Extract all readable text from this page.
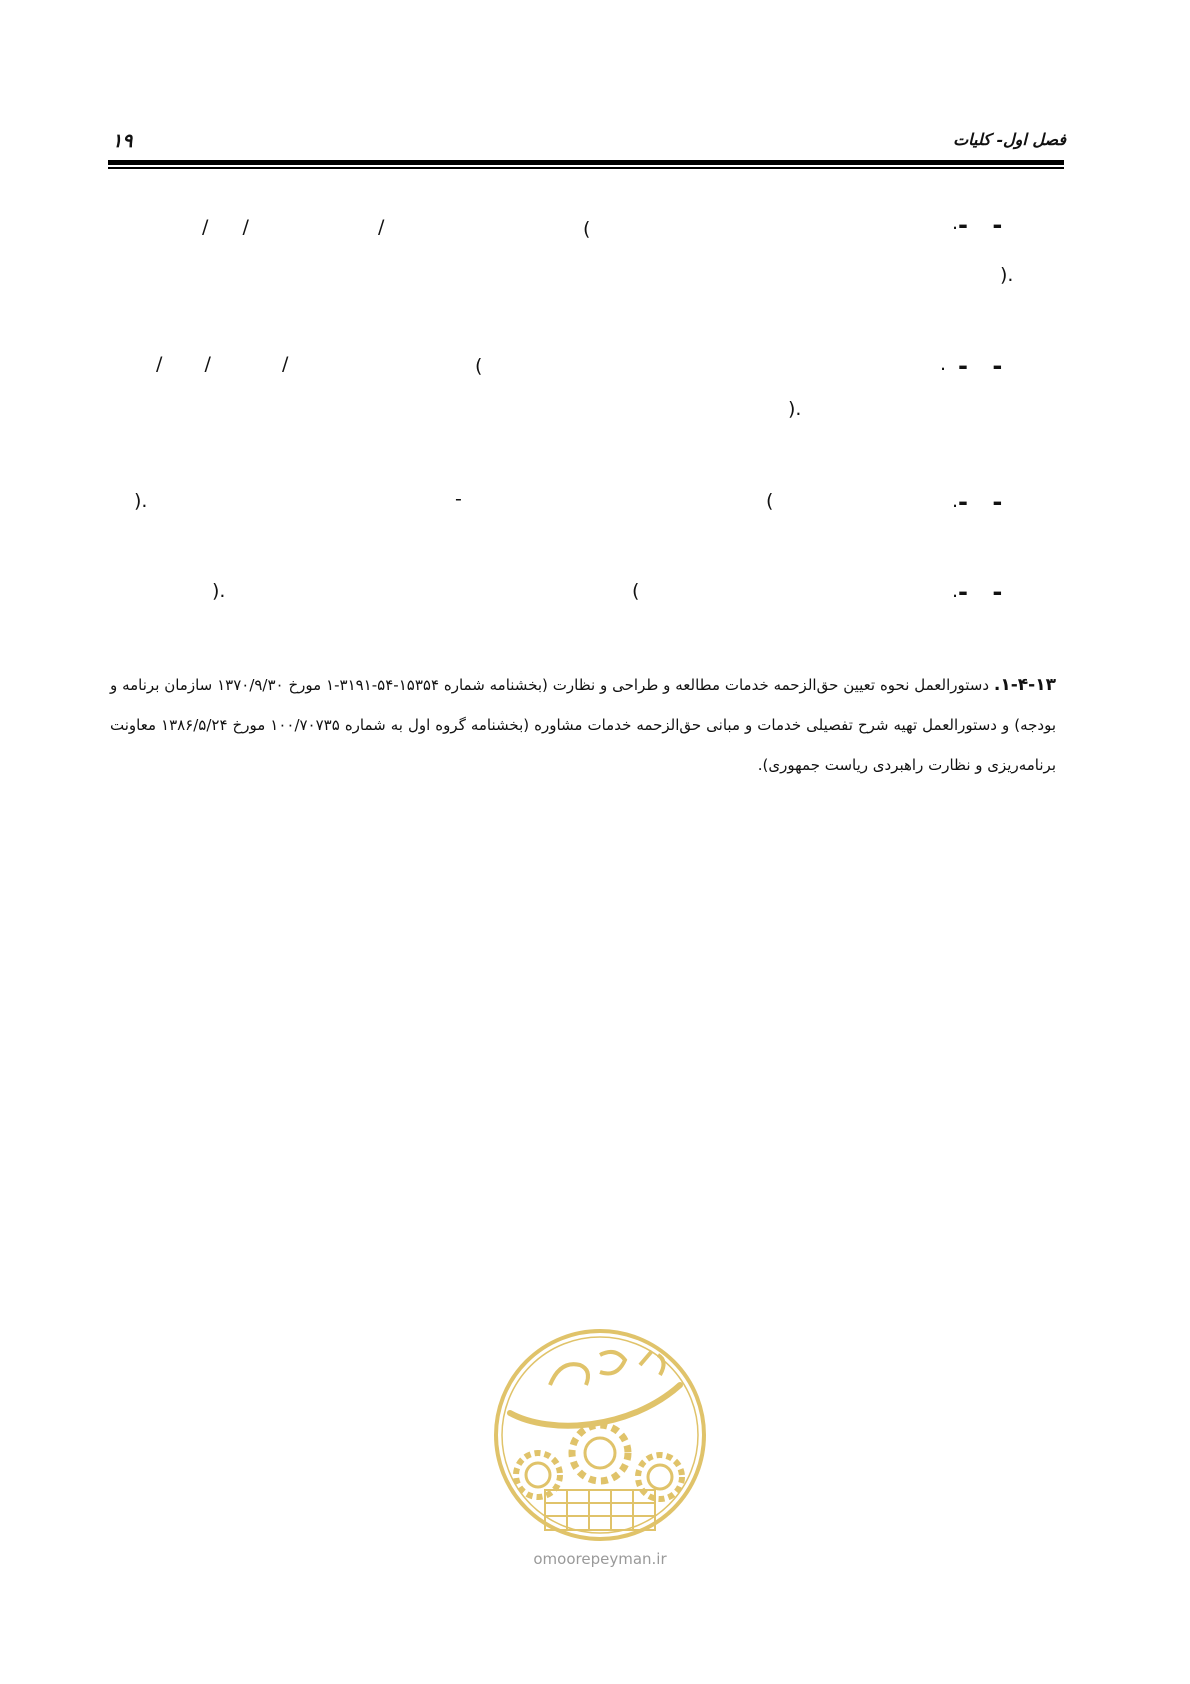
۱۹	فصل اول- کلیات
- -
.
(
/
/ /
).
- -
.
(
/
/ /
).
- -
.
(
-
).
- -
.
(
).
۱-۴-۱۳. دستورالعمل نحوه تعیین حق‌الزحمه خدمات مطالعه و طراحی و نظارت (بخشنامه شماره ۱۵۳۵۴-۵۴-۳۱۹۱-۱ مورخ ۱۳۷۰/۹/۳۰ سازمان برنامه و بودجه) و دستورالعمل تهیه شرح تفصیلی خدمات و مبانی حق‌الزحمه خدمات مشاوره (بخشنامه گروه اول به شماره ۱۰۰/۷۰۷۳۵ مورخ ۱۳۸۶/۵/۲۴ معاونت برنامه‌ریزی و نظارت راهبردی ریاست جمهوری).
omoorepeyman.ir
